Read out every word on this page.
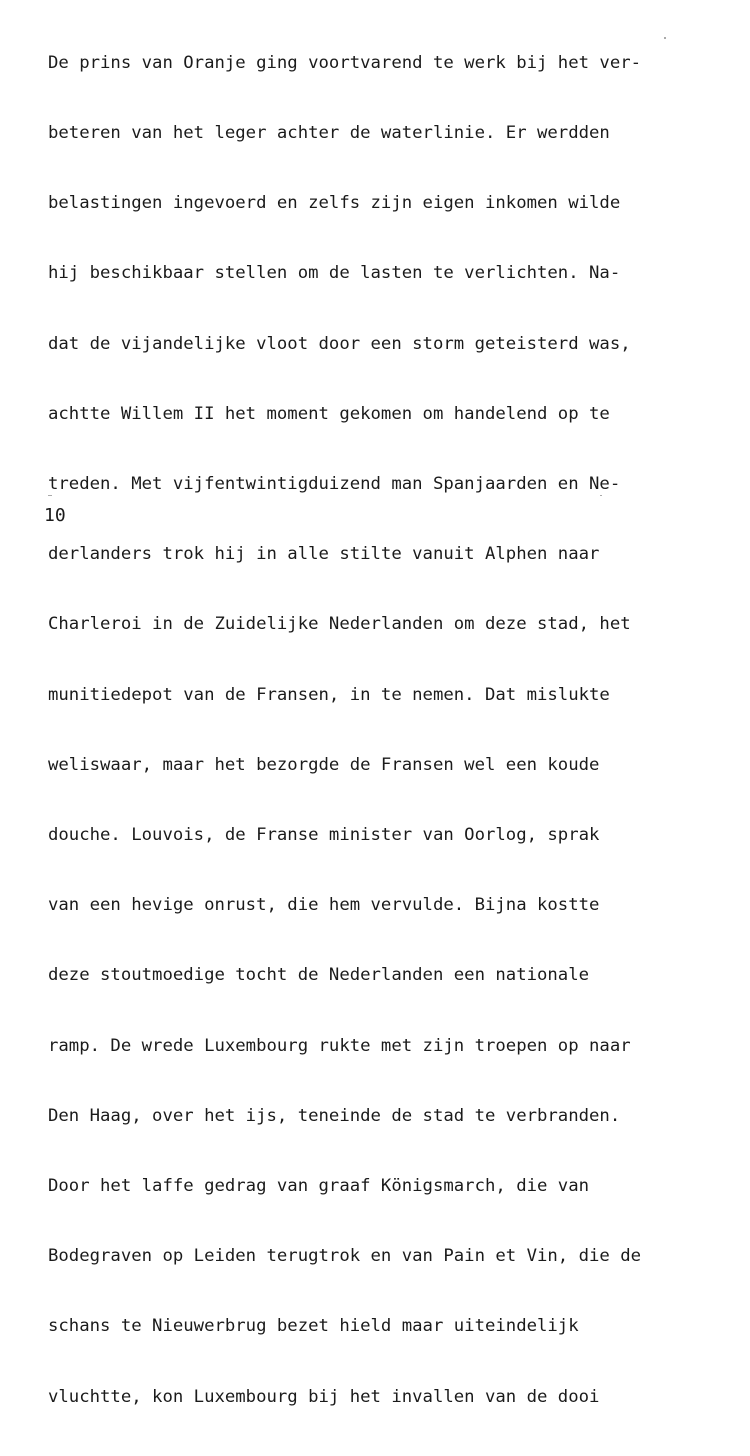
De prins van Oranje ging voortvarend te werk bij het ver-

beteren van het leger achter de waterlinie. Er werdden

belastingen ingevoerd en zelfs zijn eigen inkomen wilde

hij beschikbaar stellen om de lasten te verlichten. Na-

dat de vijandelijke vloot door een storm geteisterd was,

achtte Willem II het moment gekomen om handelend op te

treden. Met vijfentwintigduizend man Spanjaarden en Ne-

derlanders trok hij in alle stilte vanuit Alphen naar

Charleroi in de Zuidelijke Nederlanden om deze stad, het

munitiedepot van de Fransen, in te nemen. Dat mislukte

weliswaar, maar het bezorgde de Fransen wel een koude

douche. Louvois, de Franse minister van Oorlog, sprak

van een hevige onrust, die hem vervulde. Bijna kostte

deze stoutmoedige tocht de Nederlanden een nationale

ramp. De wrede Luxembourg rukte met zijn troepen op naar

Den Haag, over het ijs, teneinde de stad te verbranden.

Door het laffe gedrag van graaf Königsmarch, die van

Bodegraven op Leiden terugtrok en van Pain et Vin, die de

schans te Nieuwerbrug bezet hield maar uiteindelijk

vluchtte, kon Luxembourg bij het invallen van de dooi

10
